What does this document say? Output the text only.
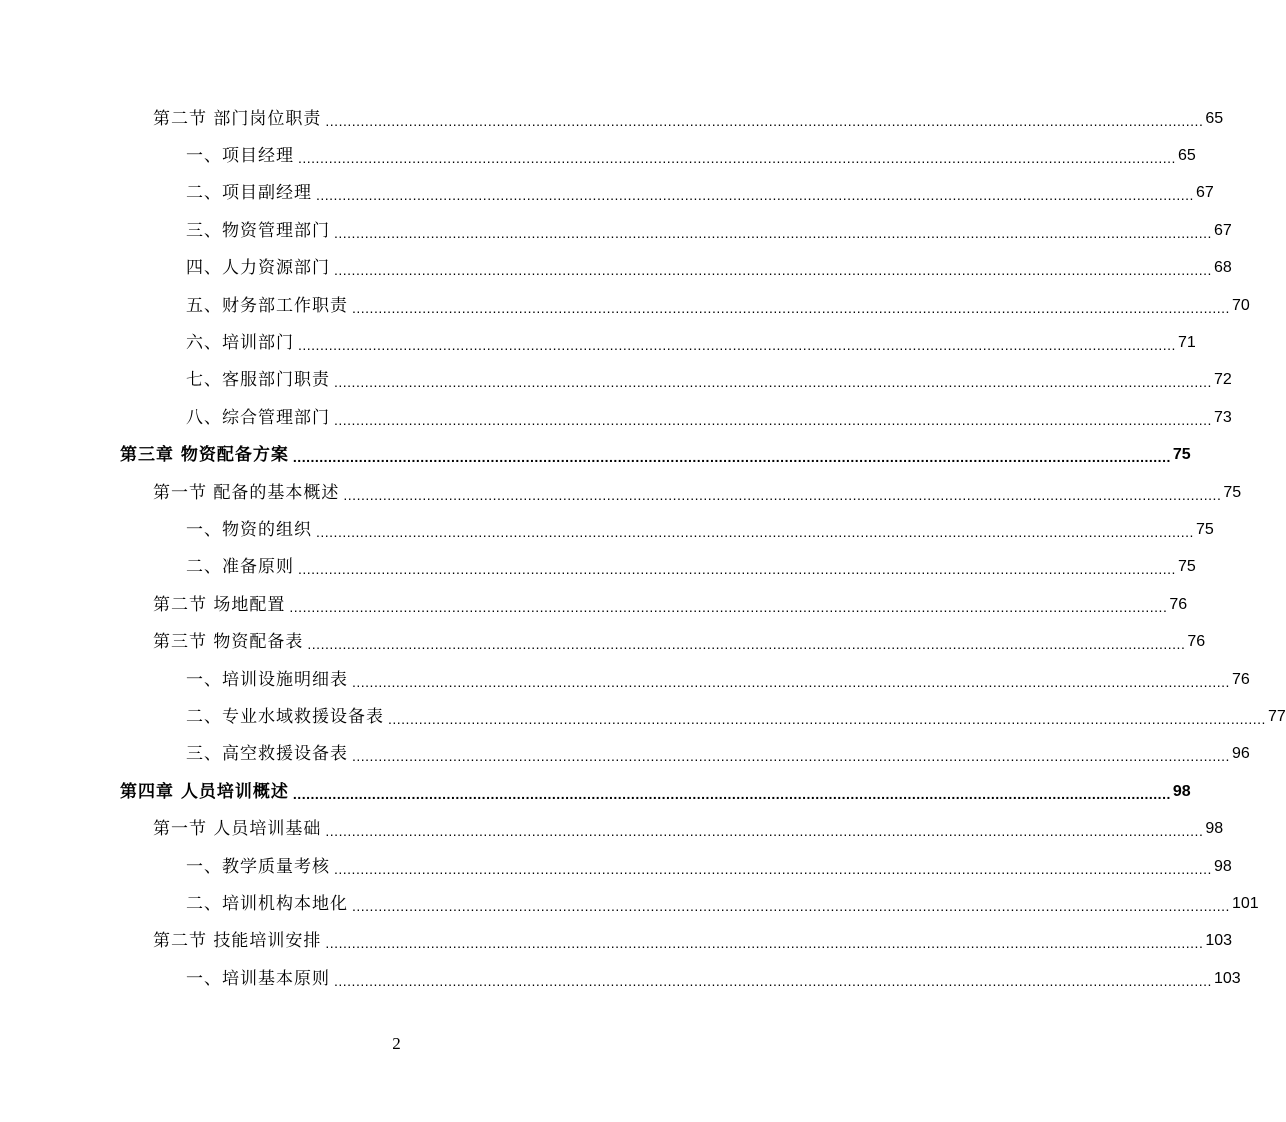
第二节 部门岗位职责 ........................................................................................................................................................................................................ 65
一、项目经理 ........................................................................................................................................................................................................ 65
二、项目副经理 ........................................................................................................................................................................................................ 67
三、物资管理部门 ........................................................................................................................................................................................................ 67
四、人力资源部门 ........................................................................................................................................................................................................ 68
五、财务部工作职责 ........................................................................................................................................................................................................ 70
六、培训部门 ........................................................................................................................................................................................................ 71
七、客服部门职责 ........................................................................................................................................................................................................ 72
八、综合管理部门 ........................................................................................................................................................................................................ 73
第三章 物资配备方案 ........................................................................................................................................................................................................ 75
第一节 配备的基本概述 ........................................................................................................................................................................................................ 75
一、物资的组织 ........................................................................................................................................................................................................ 75
二、准备原则 ........................................................................................................................................................................................................ 75
第二节 场地配置 ........................................................................................................................................................................................................ 76
第三节 物资配备表 ........................................................................................................................................................................................................ 76
一、培训设施明细表 ........................................................................................................................................................................................................ 76
二、专业水域救援设备表 ........................................................................................................................................................................................................ 77
三、高空救援设备表 ........................................................................................................................................................................................................ 96
第四章 人员培训概述 ........................................................................................................................................................................................................ 98
第一节 人员培训基础 ........................................................................................................................................................................................................ 98
一、教学质量考核 ........................................................................................................................................................................................................ 98
二、培训机构本地化 ........................................................................................................................................................................................................ 101
第二节 技能培训安排 ........................................................................................................................................................................................................ 103
一、培训基本原则 ........................................................................................................................................................................................................ 103
2
